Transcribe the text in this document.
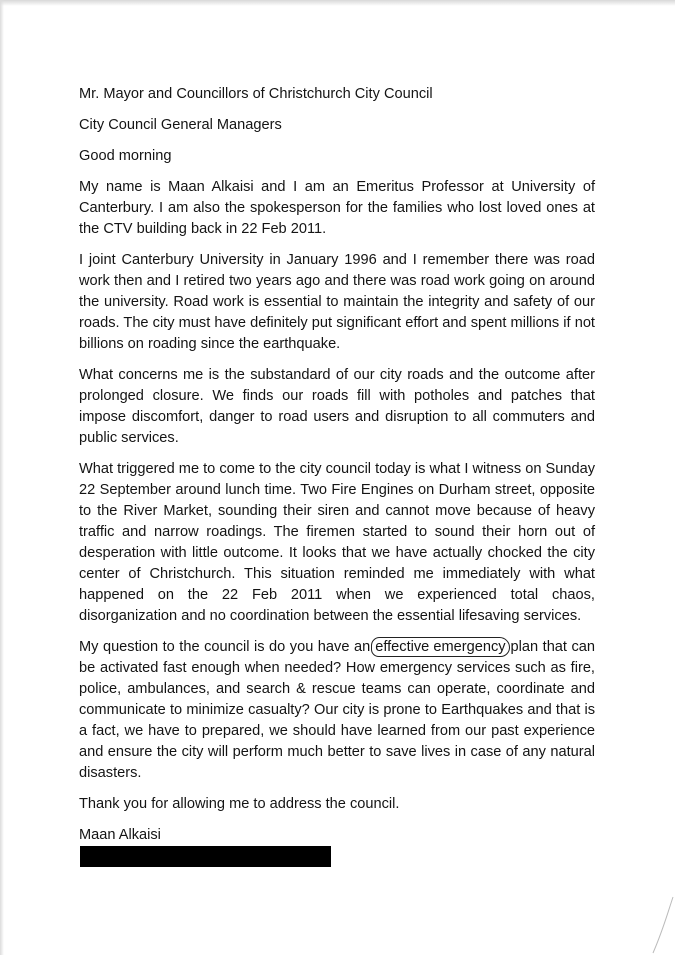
Mr. Mayor and Councillors of Christchurch City Council

City Council General Managers

Good morning

My name is Maan Alkaisi and I am an Emeritus Professor at University of Canterbury. I am also the spokesperson for the families who lost loved ones at the CTV building back in 22 Feb 2011.

I joint Canterbury University in January 1996 and I remember there was road work then and I retired two years ago and there was road work going on around the university. Road work is essential to maintain the integrity and safety of our roads. The city must have definitely put significant effort and spent millions if not billions on roading since the earthquake.

What concerns me is the substandard of our city roads and the outcome after prolonged closure. We finds our roads fill with potholes and patches that impose discomfort, danger to road users and disruption to all commuters and public services.

What triggered me to come to the city council today is what I witness on Sunday 22 September around lunch time. Two Fire Engines on Durham street, opposite to the River Market, sounding their siren and cannot move because of heavy traffic and narrow roadings. The firemen started to sound their horn out of desperation with little outcome. It looks that we have actually chocked the city center of Christchurch. This situation reminded me immediately with what happened on the 22 Feb 2011 when we experienced total chaos, disorganization and no coordination between the essential lifesaving services.

My question to the council is do you have an effective emergency plan that can be activated fast enough when needed? How emergency services such as fire, police, ambulances, and search & rescue teams can operate, coordinate and communicate to minimize casualty? Our city is prone to Earthquakes and that is a fact, we have to prepared, we should have learned from our past experience and ensure the city will perform much better to save lives in case of any natural disasters.

Thank you for allowing me to address the council.

Maan Alkaisi
